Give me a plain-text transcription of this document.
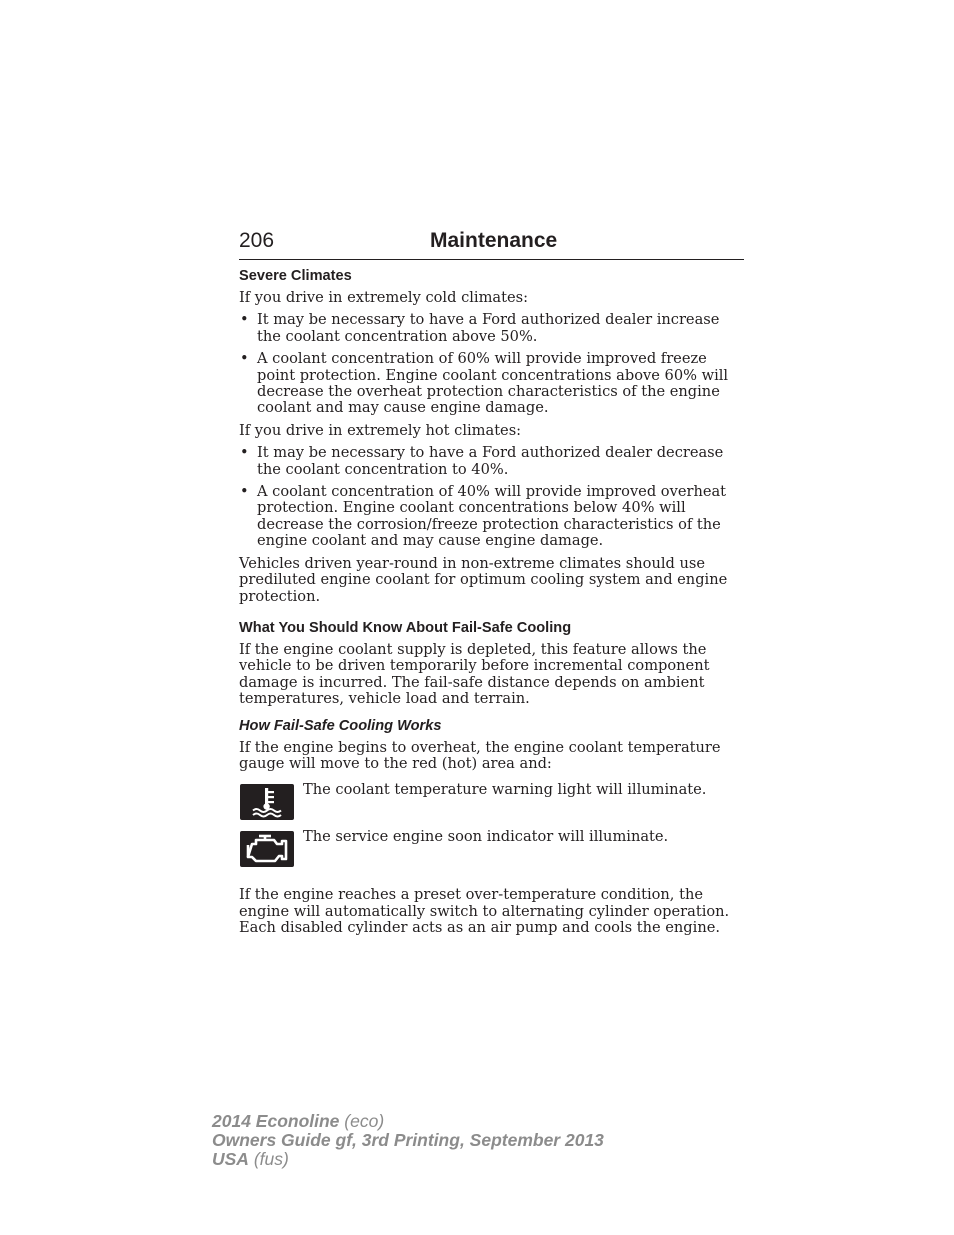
206	Maintenance
Severe Climates

If you drive in extremely cold climates:

• It may be necessary to have a Ford authorized dealer increase the coolant concentration above 50%.
• A coolant concentration of 60% will provide improved freeze point protection. Engine coolant concentrations above 60% will decrease the overheat protection characteristics of the engine coolant and may cause engine damage.

If you drive in extremely hot climates:

• It may be necessary to have a Ford authorized dealer decrease the coolant concentration to 40%.
• A coolant concentration of 40% will provide improved overheat protection. Engine coolant concentrations below 40% will decrease the corrosion/freeze protection characteristics of the engine coolant and may cause engine damage.

Vehicles driven year-round in non-extreme climates should use prediluted engine coolant for optimum cooling system and engine protection.

What You Should Know About Fail-Safe Cooling

If the engine coolant supply is depleted, this feature allows the vehicle to be driven temporarily before incremental component damage is incurred. The fail-safe distance depends on ambient temperatures, vehicle load and terrain.

How Fail-Safe Cooling Works

If the engine begins to overheat, the engine coolant temperature gauge will move to the red (hot) area and:

The coolant temperature warning light will illuminate.
The service engine soon indicator will illuminate.

If the engine reaches a preset over-temperature condition, the engine will automatically switch to alternating cylinder operation. Each disabled cylinder acts as an air pump and cools the engine.

2014 Econoline (eco)
Owners Guide gf, 3rd Printing, September 2013
USA (fus)
